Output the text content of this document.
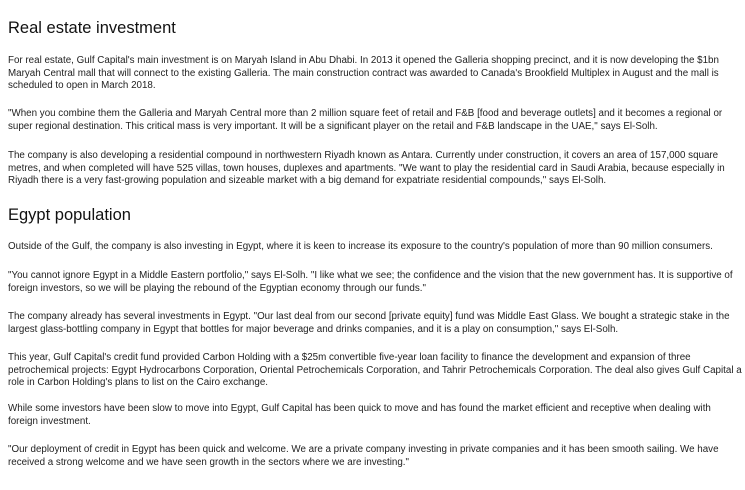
Real estate investment

For real estate, Gulf Capital's main investment is on Maryah Island in Abu Dhabi. In 2013 it opened the Galleria shopping precinct, and it is now developing the $1bn Maryah Central mall that will connect to the existing Galleria. The main construction contract was awarded to Canada's Brookfield Multiplex in August and the mall is scheduled to open in March 2018.

"When you combine them the Galleria and Maryah Central more than 2 million square feet of retail and F&B [food and beverage outlets] and it becomes a regional or super regional destination. This critical mass is very important. It will be a significant player on the retail and F&B landscape in the UAE," says El-Solh.

The company is also developing a residential compound in northwestern Riyadh known as Antara. Currently under construction, it covers an area of 157,000 square metres, and when completed will have 525 villas, town houses, duplexes and apartments. "We want to play the residential card in Saudi Arabia, because especially in Riyadh there is a very fast-growing population and sizeable market with a big demand for expatriate residential compounds," says El-Solh.

Egypt population

Outside of the Gulf, the company is also investing in Egypt, where it is keen to increase its exposure to the country's population of more than 90 million consumers.

"You cannot ignore Egypt in a Middle Eastern portfolio," says El-Solh. "I like what we see; the confidence and the vision that the new government has. It is supportive of foreign investors, so we will be playing the rebound of the Egyptian economy through our funds."

The company already has several investments in Egypt. "Our last deal from our second [private equity] fund was Middle East Glass. We bought a strategic stake in the largest glass-bottling company in Egypt that bottles for major beverage and drinks companies, and it is a play on consumption," says El-Solh.

This year, Gulf Capital's credit fund provided Carbon Holding with a $25m convertible five-year loan facility to finance the development and expansion of three petrochemical projects: Egypt Hydrocarbons Corporation, Oriental Petrochemicals Corporation, and Tahrir Petrochemicals Corporation. The deal also gives Gulf Capital a role in Carbon Holding's plans to list on the Cairo exchange.

While some investors have been slow to move into Egypt, Gulf Capital has been quick to move and has found the market efficient and receptive when dealing with foreign investment.

"Our deployment of credit in Egypt has been quick and welcome. We are a private company investing in private companies and it has been smooth sailing. We have received a strong welcome and we have seen growth in the sectors where we are investing."
